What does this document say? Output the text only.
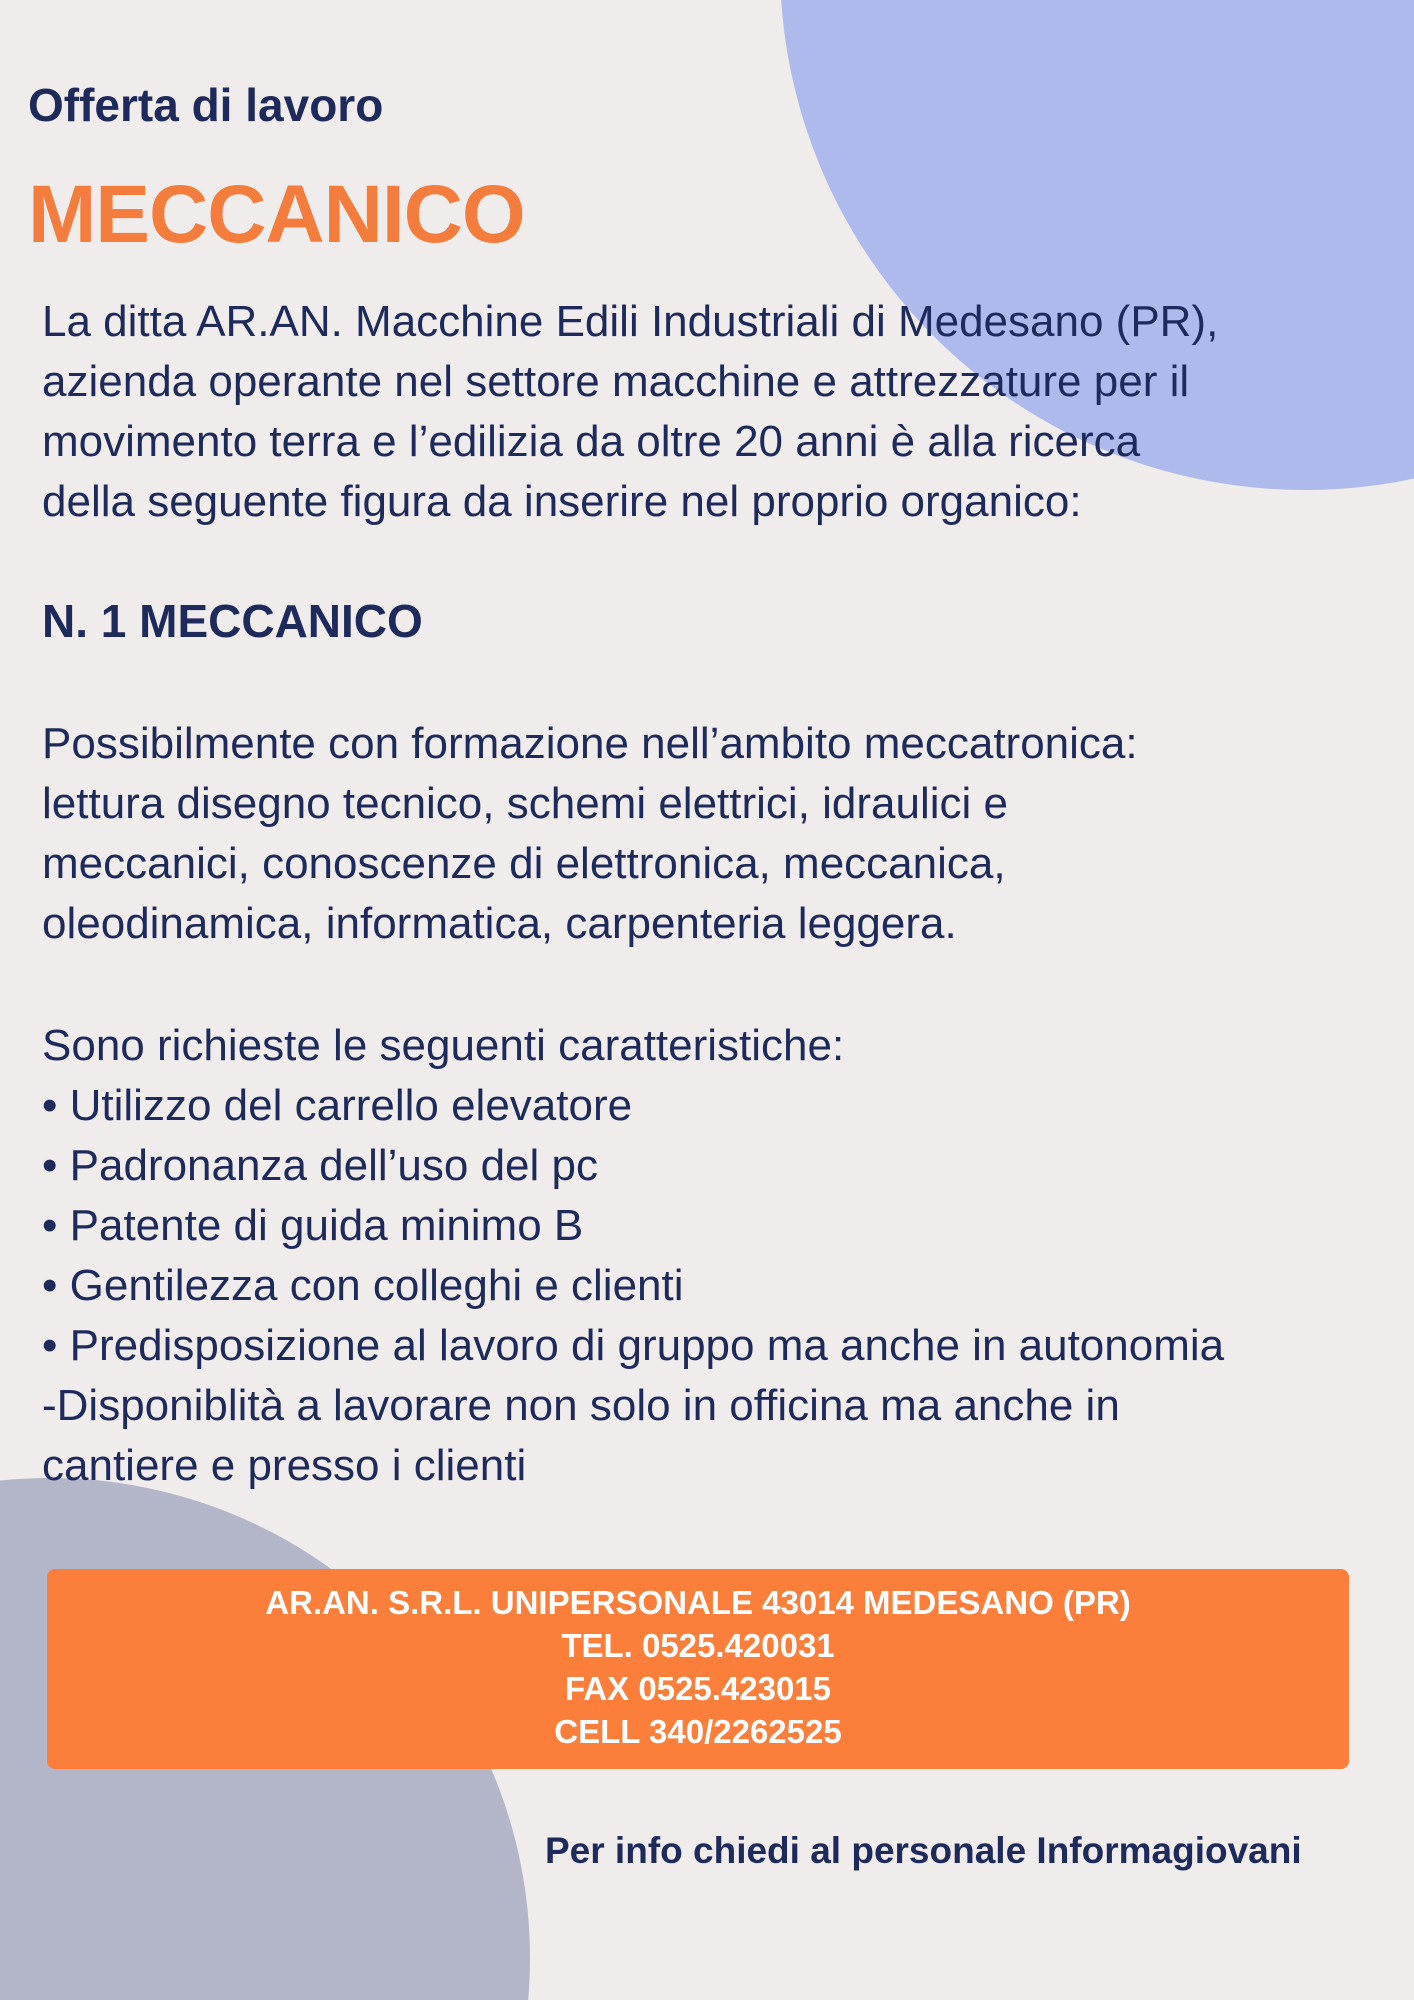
Offerta di lavoro
MECCANICO
La ditta AR.AN. Macchine Edili Industriali di Medesano (PR),
azienda operante nel settore macchine e attrezzature per il
movimento terra e l’edilizia da oltre 20 anni è alla ricerca
della seguente figura da inserire nel proprio organico:
N. 1 MECCANICO
Possibilmente con formazione nell’ambito meccatronica:
lettura disegno tecnico, schemi elettrici, idraulici e
meccanici, conoscenze di elettronica, meccanica,
oleodinamica, informatica, carpenteria leggera.
Sono richieste le seguenti caratteristiche:
• Utilizzo del carrello elevatore
• Padronanza dell’uso del pc
• Patente di guida minimo B
• Gentilezza con colleghi e clienti
• Predisposizione al lavoro di gruppo ma anche in autonomia
-Disponiblità a lavorare non solo in officina ma anche in
cantiere e presso i clienti
AR.AN. S.R.L. UNIPERSONALE 43014 MEDESANO (PR)
TEL. 0525.420031
FAX 0525.423015
CELL 340/2262525
Per info chiedi al personale Informagiovani
